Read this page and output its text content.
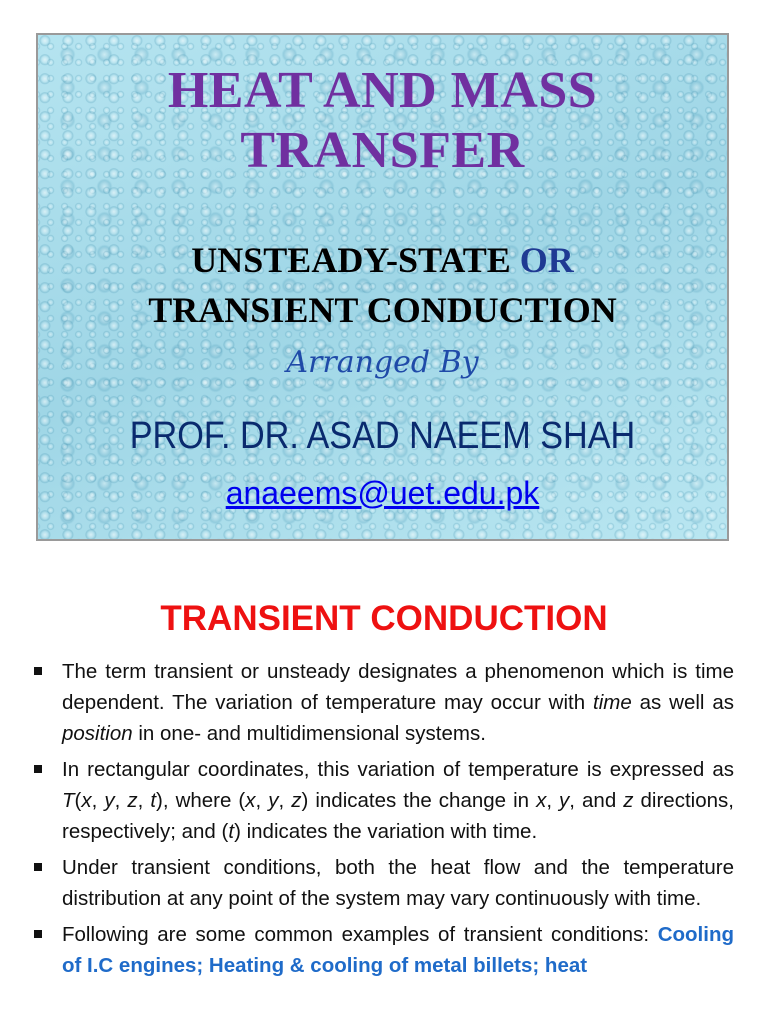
HEAT AND MASS
TRANSFER
UNSTEADY-STATE OR
TRANSIENT CONDUCTION
Arranged By
PROF. DR. ASAD NAEEM SHAH
anaeems@uet.edu.pk
TRANSIENT CONDUCTION
The term transient or unsteady designates a phenomenon which is time dependent. The variation of temperature may occur with time as well as position in one- and multidimensional systems.
In rectangular coordinates, this variation of temperature is expressed as T(x, y, z, t), where (x, y, z) indicates the change in x, y, and z directions, respectively; and (t) indicates the variation with time.
Under transient conditions, both the heat flow and the temperature distribution at any point of the system may vary continuously with time.
Following are some common examples of transient conditions: Cooling of I.C engines; Heating & cooling of metal billets; heat
